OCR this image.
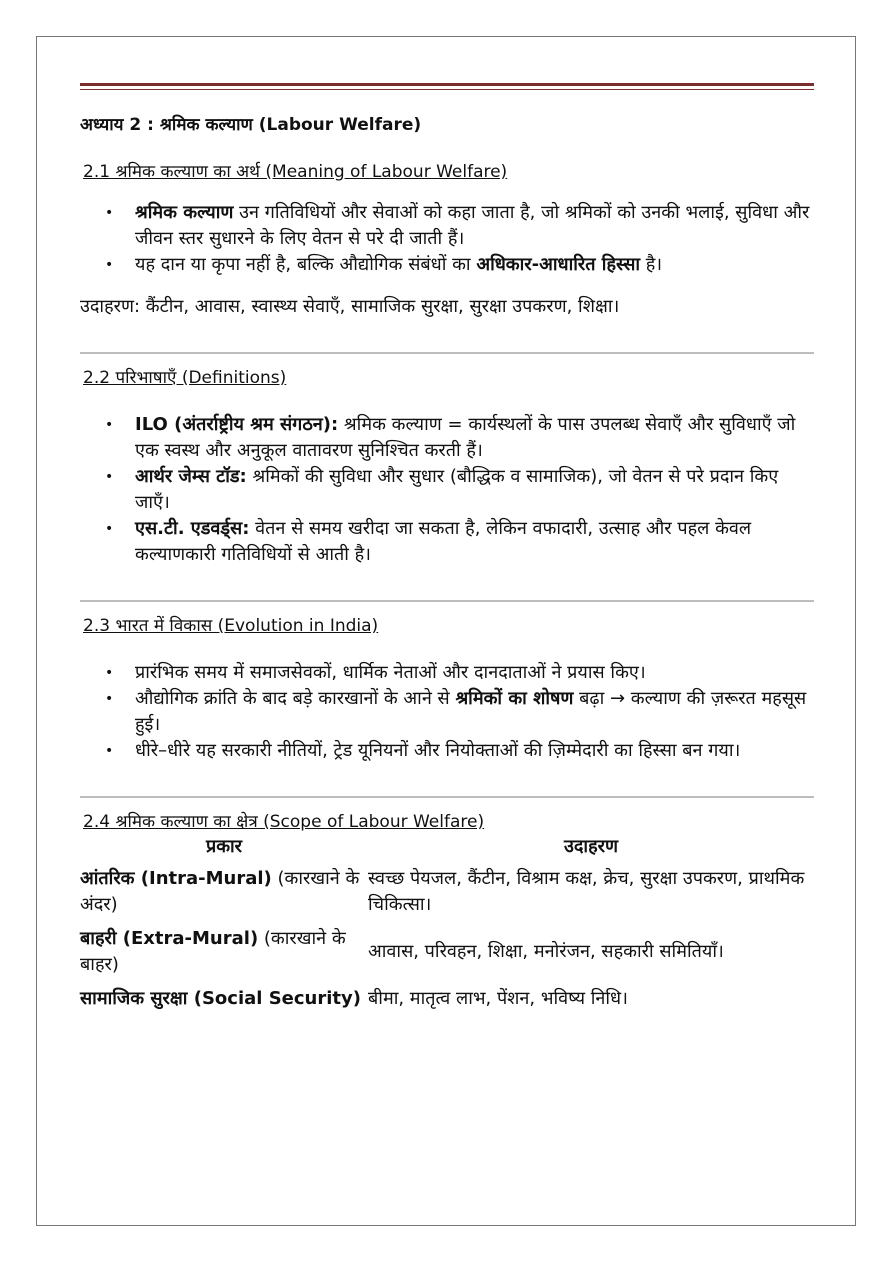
अध्याय 2 : श्रमिक कल्याण (Labour Welfare)
2.1 श्रमिक कल्याण का अर्थ (Meaning of Labour Welfare)
• श्रमिक कल्याण उन गतिविधियों और सेवाओं को कहा जाता है, जो श्रमिकों को उनकी भलाई, सुविधा और जीवन स्तर सुधारने के लिए वेतन से परे दी जाती हैं।
• यह दान या कृपा नहीं है, बल्कि औद्योगिक संबंधों का अधिकार-आधारित हिस्सा है।
उदाहरण: कैंटीन, आवास, स्वास्थ्य सेवाएँ, सामाजिक सुरक्षा, सुरक्षा उपकरण, शिक्षा।
2.2 परिभाषाएँ (Definitions)
• ILO (अंतर्राष्ट्रीय श्रम संगठन): श्रमिक कल्याण = कार्यस्थलों के पास उपलब्ध सेवाएँ और सुविधाएँ जो एक स्वस्थ और अनुकूल वातावरण सुनिश्चित करती हैं।
• आर्थर जेम्स टॉड: श्रमिकों की सुविधा और सुधार (बौद्धिक व सामाजिक), जो वेतन से परे प्रदान किए जाएँ।
• एस.टी. एडवर्ड्स: वेतन से समय खरीदा जा सकता है, लेकिन वफादारी, उत्साह और पहल केवल कल्याणकारी गतिविधियों से आती है।
2.3 भारत में विकास (Evolution in India)
• प्रारंभिक समय में समाजसेवकों, धार्मिक नेताओं और दानदाताओं ने प्रयास किए।
• औद्योगिक क्रांति के बाद बड़े कारखानों के आने से श्रमिकों का शोषण बढ़ा → कल्याण की ज़रूरत महसूस हुई।
• धीरे–धीरे यह सरकारी नीतियों, ट्रेड यूनियनों और नियोक्ताओं की ज़िम्मेदारी का हिस्सा बन गया।
2.4 श्रमिक कल्याण का क्षेत्र (Scope of Labour Welfare)
प्रकार	उदाहरण
आंतरिक (Intra-Mural) (कारखाने के अंदर)	स्वच्छ पेयजल, कैंटीन, विश्राम कक्ष, क्रेच, सुरक्षा उपकरण, प्राथमिक चिकित्सा।
बाहरी (Extra-Mural) (कारखाने के बाहर)	आवास, परिवहन, शिक्षा, मनोरंजन, सहकारी समितियाँ।
सामाजिक सुरक्षा (Social Security)	बीमा, मातृत्व लाभ, पेंशन, भविष्य निधि।
